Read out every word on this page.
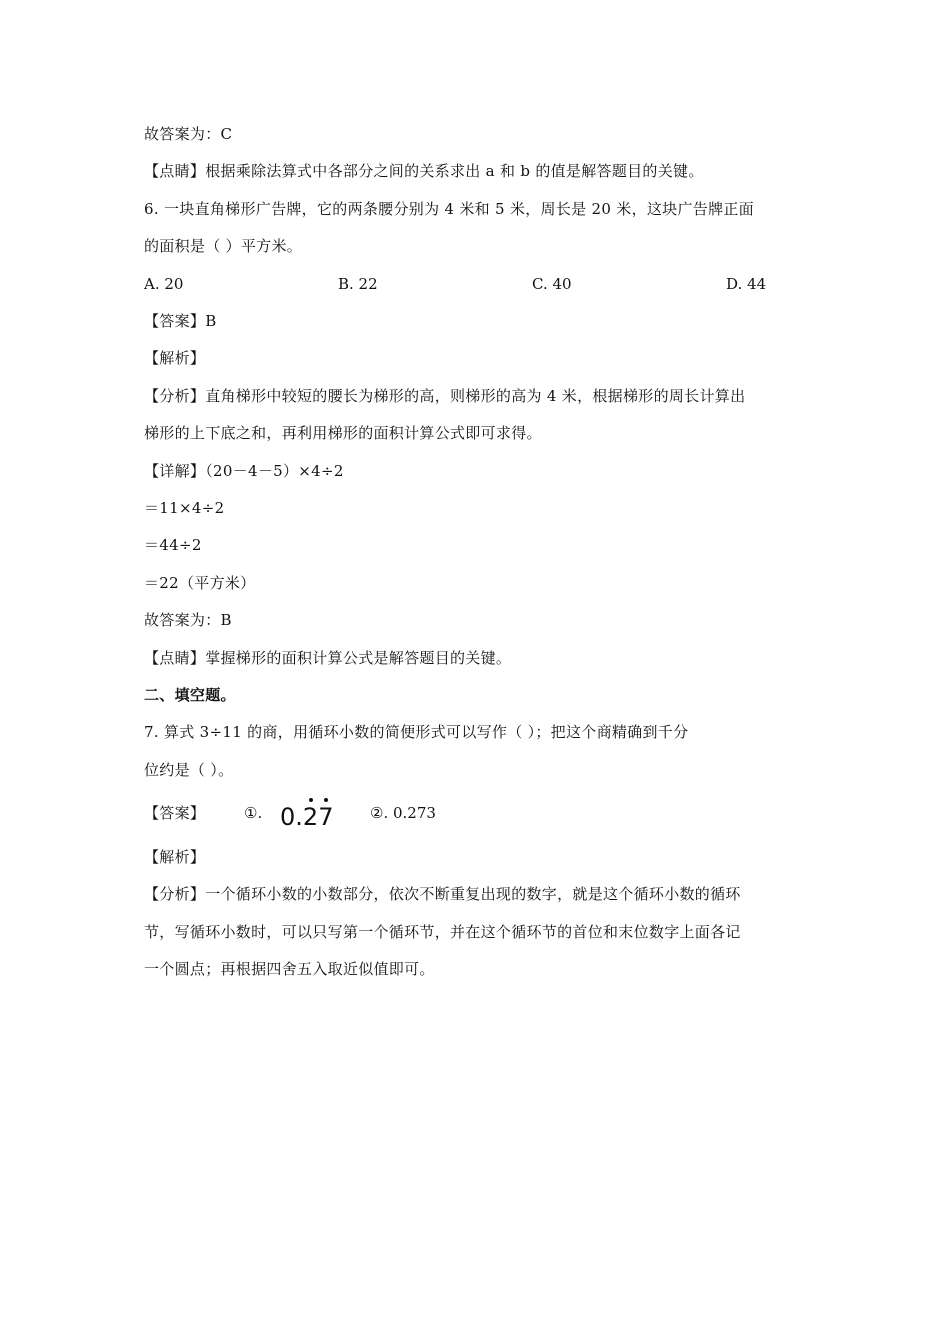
故答案为：C
【点睛】根据乘除法算式中各部分之间的关系求出 a 和 b 的值是解答题目的关键。
6. 一块直角梯形广告牌，它的两条腰分别为 4 米和 5 米，周长是 20 米，这块广告牌正面
的面积是（ ）平方米。
A. 20	B. 22	C. 40	D. 44
【答案】B
【解析】
【分析】直角梯形中较短的腰长为梯形的高，则梯形的高为 4 米，根据梯形的周长计算出
梯形的上下底之和，再利用梯形的面积计算公式即可求得。
【详解】（20－4－5）×4÷2
＝11×4÷2
＝44÷2
＝22（平方米）
故答案为：B
【点睛】掌握梯形的面积计算公式是解答题目的关键。
二、填空题。
7. 算式 3÷11 的商，用循环小数的简便形式可以写作（ ）；把这个商精确到千分
位约是（ ）。
【答案】	①. 0.
2
7 ②. 0.273
【解析】
【分析】一个循环小数的小数部分，依次不断重复出现的数字，就是这个循环小数的循环
节，写循环小数时，可以只写第一个循环节，并在这个循环节的首位和末位数字上面各记
一个圆点；再根据四舍五入取近似值即可。
